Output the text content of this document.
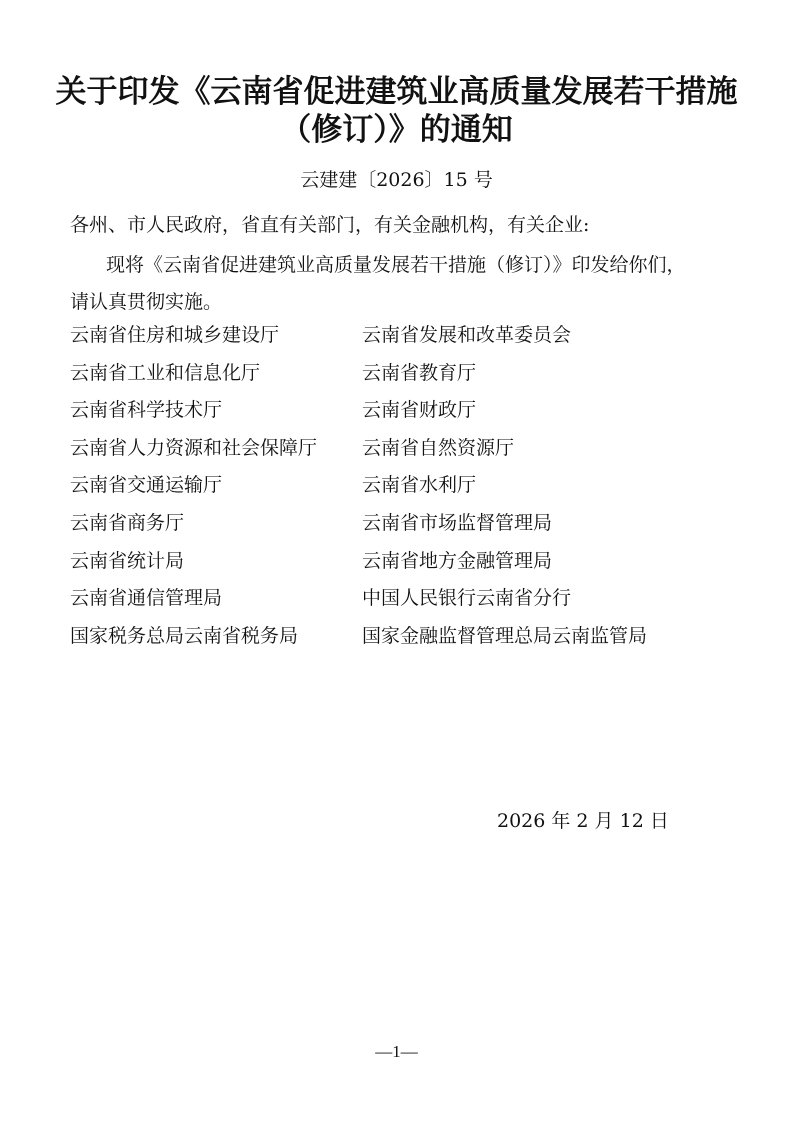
关于印发《云南省促进建筑业高质量发展若干措施
（修订）》的通知
云建建〔2026〕15 号
各州、市人民政府，省直有关部门，有关金融机构，有关企业:
现将《云南省促进建筑业高质量发展若干措施（修订）》印发给你们，
请认真贯彻实施。
云南省住房和城乡建设厅	云南省发展和改革委员会
云南省工业和信息化厅	云南省教育厅
云南省科学技术厅	云南省财政厅
云南省人力资源和社会保障厅 云南省自然资源厅
云南省交通运输厅	云南省水利厅
云南省商务厅	云南省市场监督管理局
云南省统计局	云南省地方金融管理局
云南省通信管理局	中国人民银行云南省分行
国家税务总局云南省税务局	国家金融监督管理总局云南监管局
2026 年 2 月 12 日
—1—
